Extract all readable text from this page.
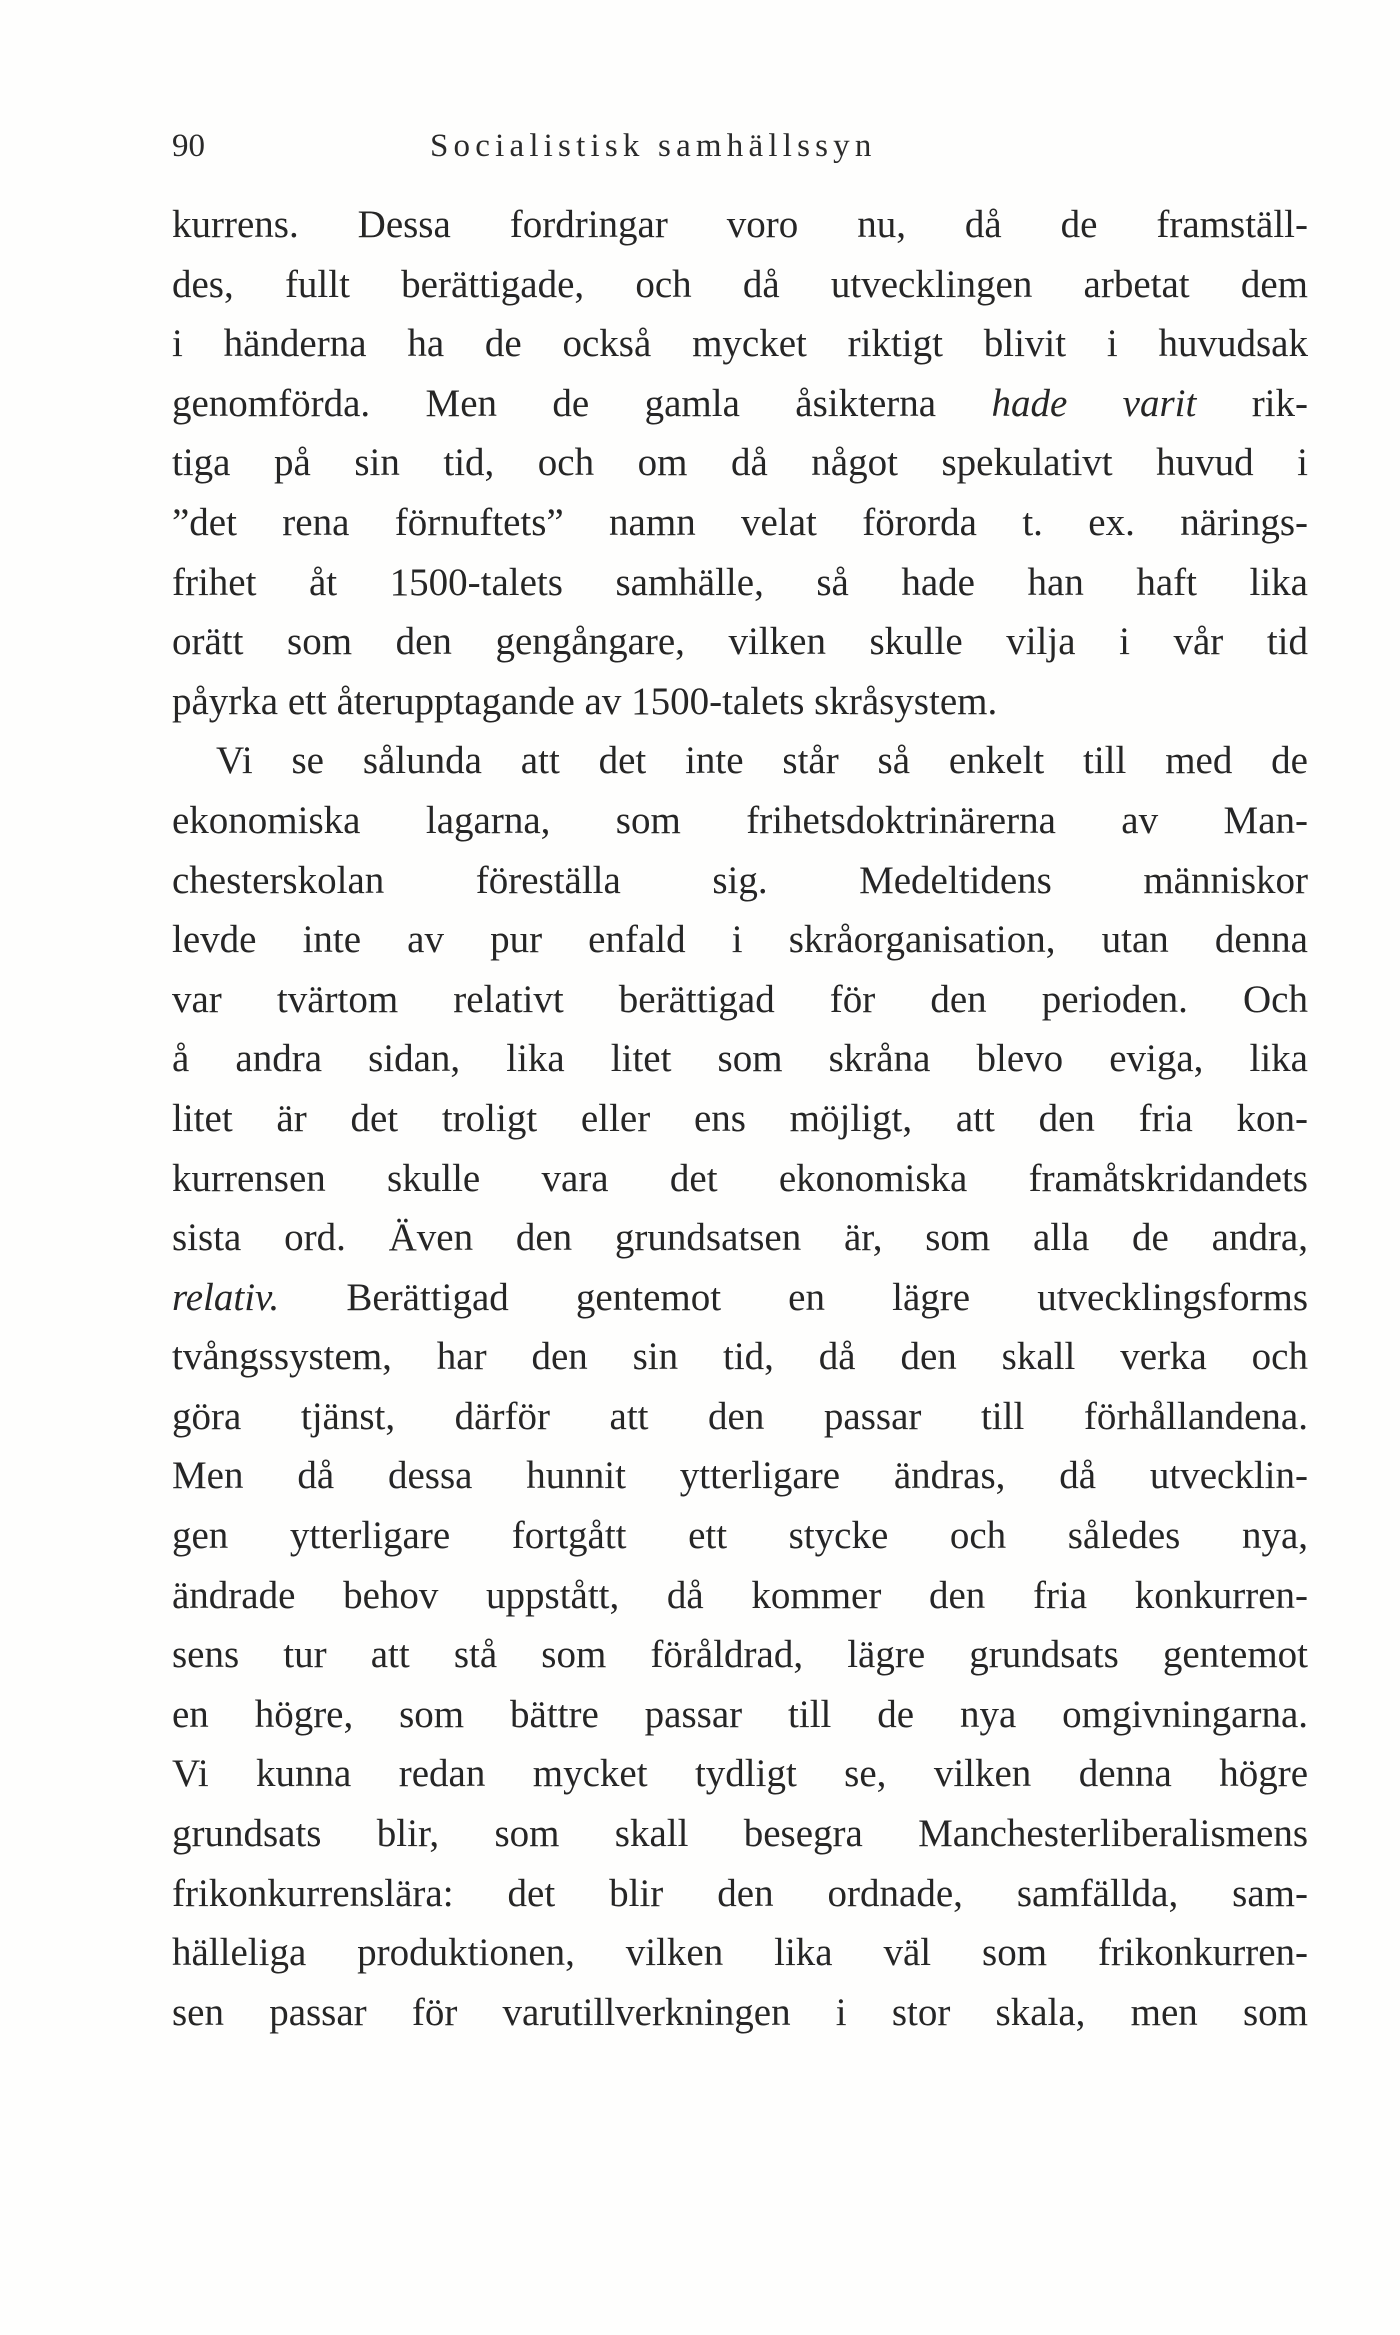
90	Socialistisk samhällssyn
kurrens. Dessa fordringar voro nu, då de framställ-
des, fullt berättigade, och då utvecklingen arbetat dem
i händerna ha de också mycket riktigt blivit i huvudsak
genomförda. Men de gamla åsikterna hade varit rik-
tiga på sin tid, och om då något spekulativt huvud i
”det rena förnuftets” namn velat förorda t. ex. närings-
frihet åt 1500-talets samhälle, så hade han haft lika
orätt som den gengångare, vilken skulle vilja i vår tid
påyrka ett återupptagande av 1500-talets skråsystem.
Vi se sålunda att det inte står så enkelt till med de
ekonomiska lagarna, som frihetsdoktrinärerna av Man-
chesterskolan föreställa sig. Medeltidens människor
levde inte av pur enfald i skråorganisation, utan denna
var tvärtom relativt berättigad för den perioden. Och
å andra sidan, lika litet som skråna blevo eviga, lika
litet är det troligt eller ens möjligt, att den fria kon-
kurrensen skulle vara det ekonomiska framåtskridandets
sista ord. Även den grundsatsen är, som alla de andra,
relativ. Berättigad gentemot en lägre utvecklingsforms
tvångssystem, har den sin tid, då den skall verka och
göra tjänst, därför att den passar till förhållandena.
Men då dessa hunnit ytterligare ändras, då utvecklin-
gen ytterligare fortgått ett stycke och således nya,
ändrade behov uppstått, då kommer den fria konkurren-
sens tur att stå som föråldrad, lägre grundsats gentemot
en högre, som bättre passar till de nya omgivningarna.
Vi kunna redan mycket tydligt se, vilken denna högre
grundsats blir, som skall besegra Manchesterliberalismens
frikonkurrenslära: det blir den ordnade, samfällda, sam-
hälleliga produktionen, vilken lika väl som frikonkurren-
sen passar för varutillverkningen i stor skala, men som
